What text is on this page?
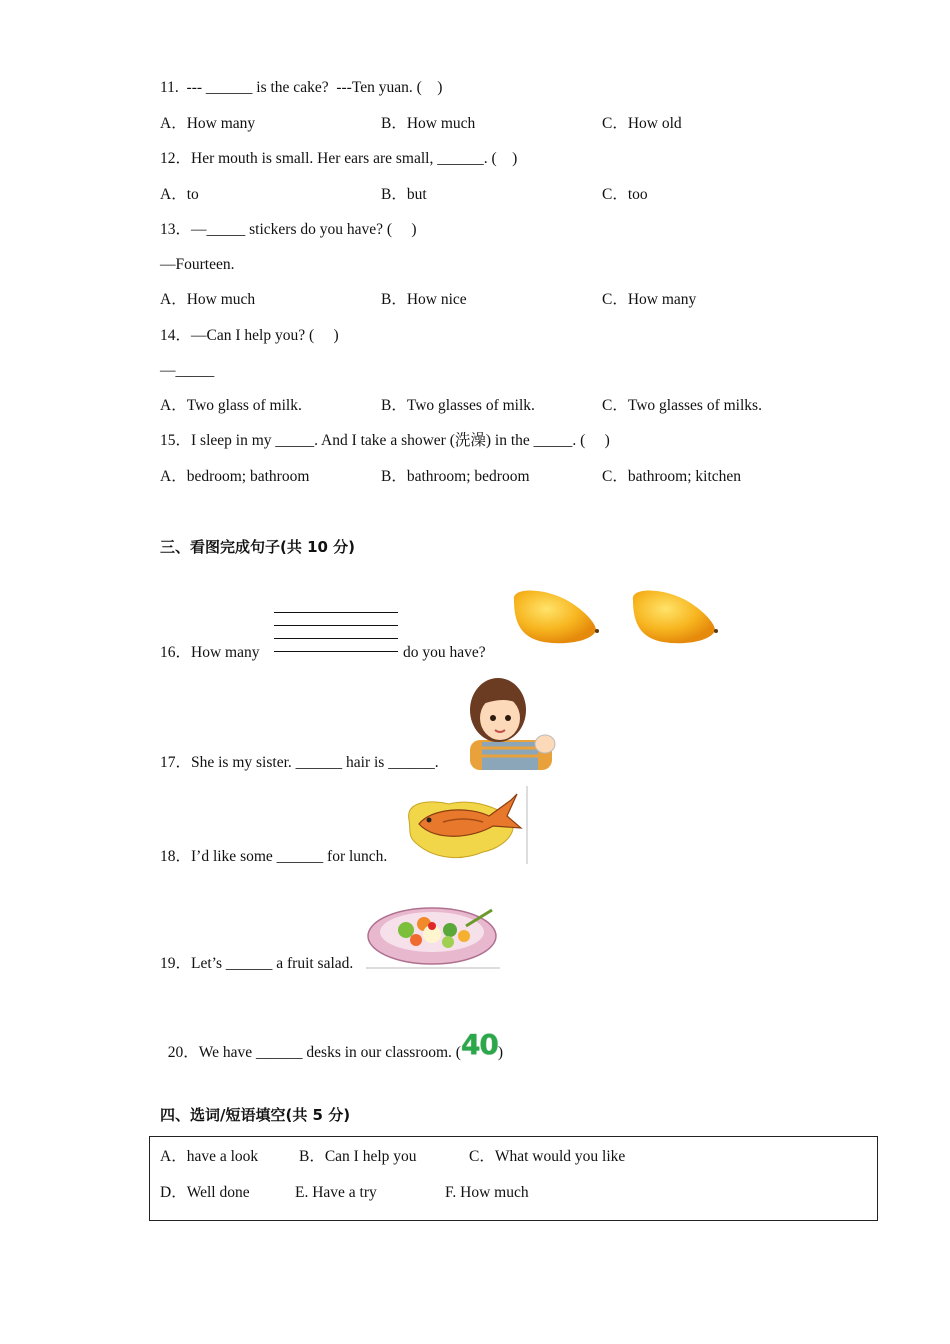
11.  --- ______ is the cake?  ---Ten yuan. (    )
A．How many	B．How much	C．How old
12．Her mouth is small. Her ears are small, ______. (    )
A．to	B．but	C．too
13．—_____ stickers do you have? (     )
—Fourteen.
A．How much	B．How nice	C．How many
14．—Can I help you? (     )
—_____
A．Two glass of milk.	B．Two glasses of milk.	C．Two glasses of milks.
15．I sleep in my _____. And I take a shower (洗澡) in the _____. (     )
A．bedroom; bathroom	B．bathroom; bedroom	C．bathroom; kitchen
三、看图完成句子(共 10 分)
16．How many	do you have?
17．She is my sister. ______ hair is ______.
18．I’d like some ______ for lunch.
19．Let’s ______ a fruit salad.

20．We have ______ desks in our classroom. (40)

四、选词/短语填空(共 5 分)
A．have a look	B．Can I help you	C．What would you like
D．Well done	E. Have a try	F. How much
